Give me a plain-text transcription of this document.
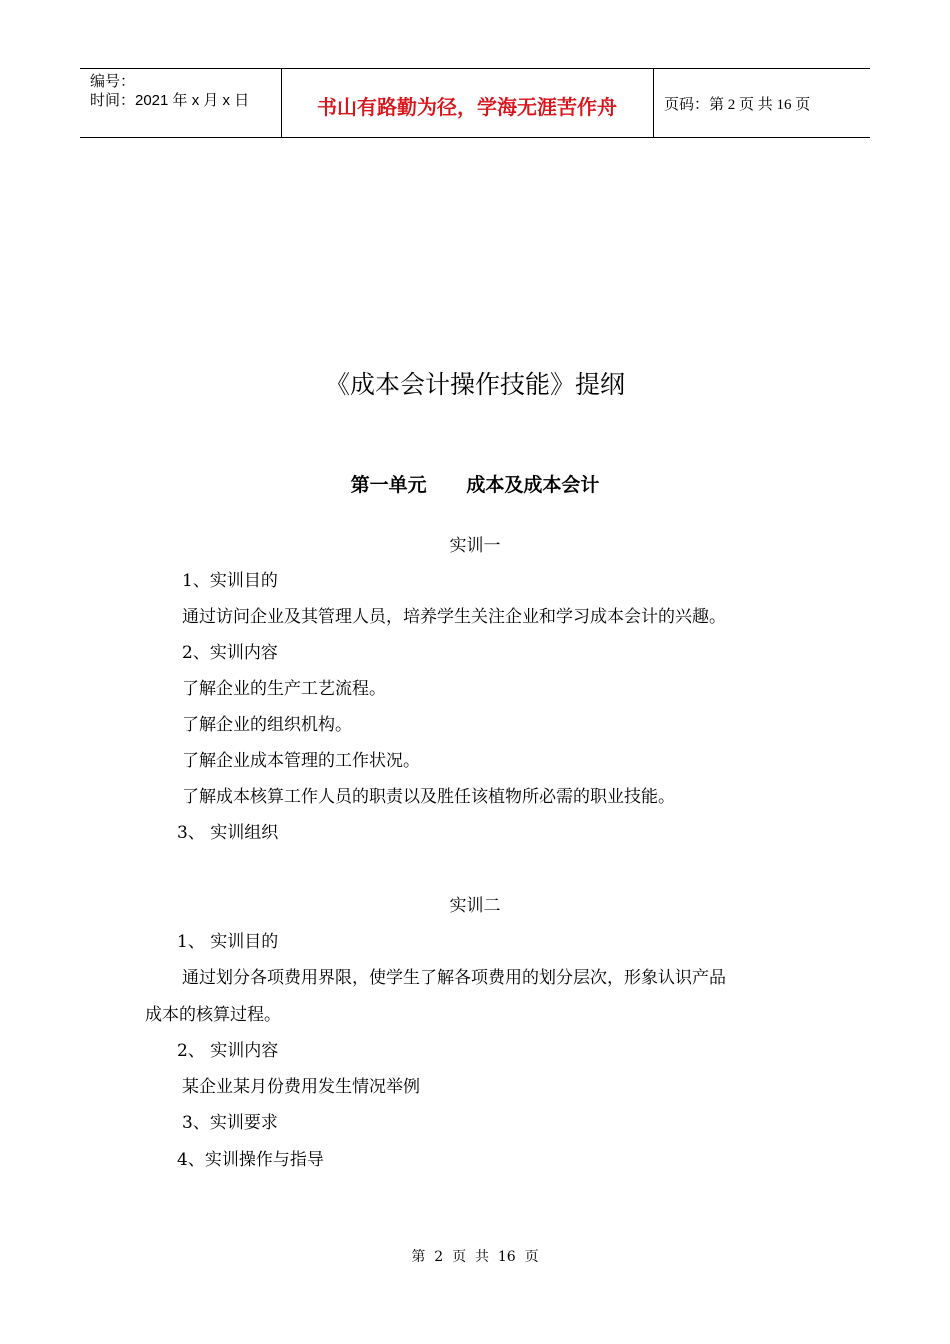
编号：
时间：2021 年 x 月 x 日	书山有路勤为径，学海无涯苦作舟	页码：第 2 页 共 16 页
《成本会计操作技能》提纲
第一单元      成本及成本会计
实训一
1、实训目的
通过访问企业及其管理人员，培养学生关注企业和学习成本会计的兴趣。
2、实训内容
了解企业的生产工艺流程。
了解企业的组织机构。
了解企业成本管理的工作状况。
了解成本核算工作人员的职责以及胜任该植物所必需的职业技能。
3、 实训组织
实训二
1、 实训目的
通过划分各项费用界限，使学生了解各项费用的划分层次，形象认识产品
成本的核算过程。
2、 实训内容
某企业某月份费用发生情况举例
3、实训要求
4、实训操作与指导
第  2  页  共  16  页
